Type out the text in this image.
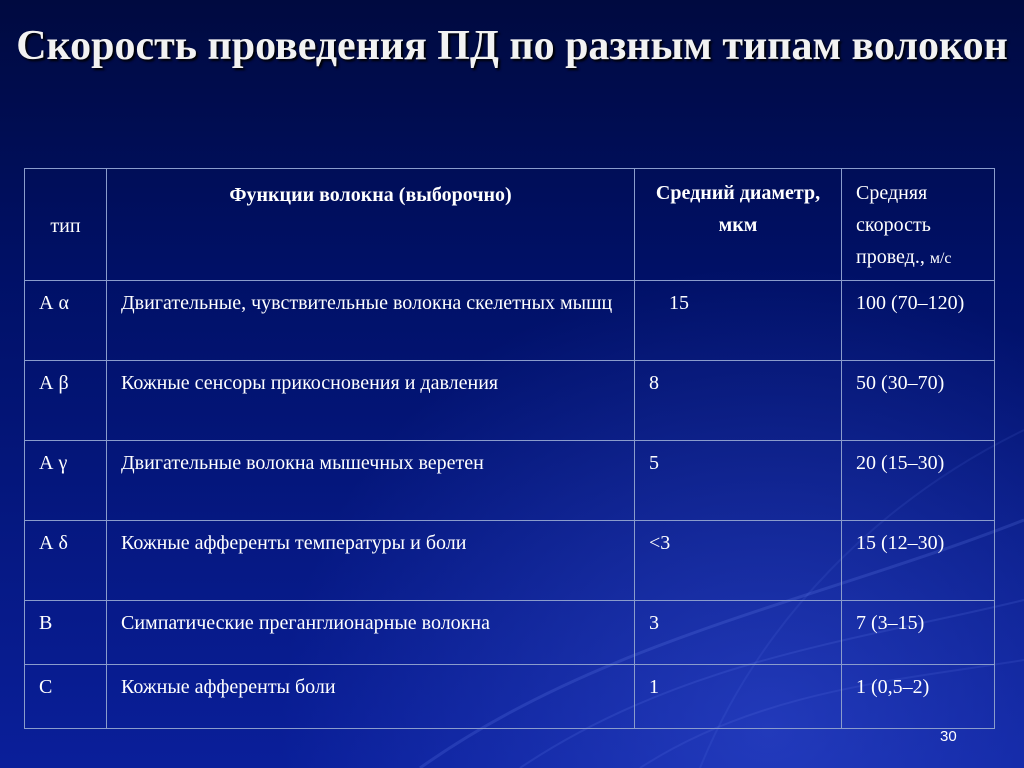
Скорость проведения ПД по разным типам волокон
тип	Функции волокна (выборочно)	Средний диаметр, мкм	Средняя скорость провед., м/с
А α	Двигательные, чувствительные волокна скелетных мышц	15	100 (70–120)
А β	Кожные сенсоры прикосновения и давления	8	50 (30–70)
А γ	Двигательные волокна мышечных веретен	5	20 (15–30)
А δ	Кожные афференты температуры и боли	<3	15 (12–30)
В	Симпатические преганглионарные волокна	3	7 (3–15)
С	Кожные афференты боли	1	1 (0,5–2)
30
